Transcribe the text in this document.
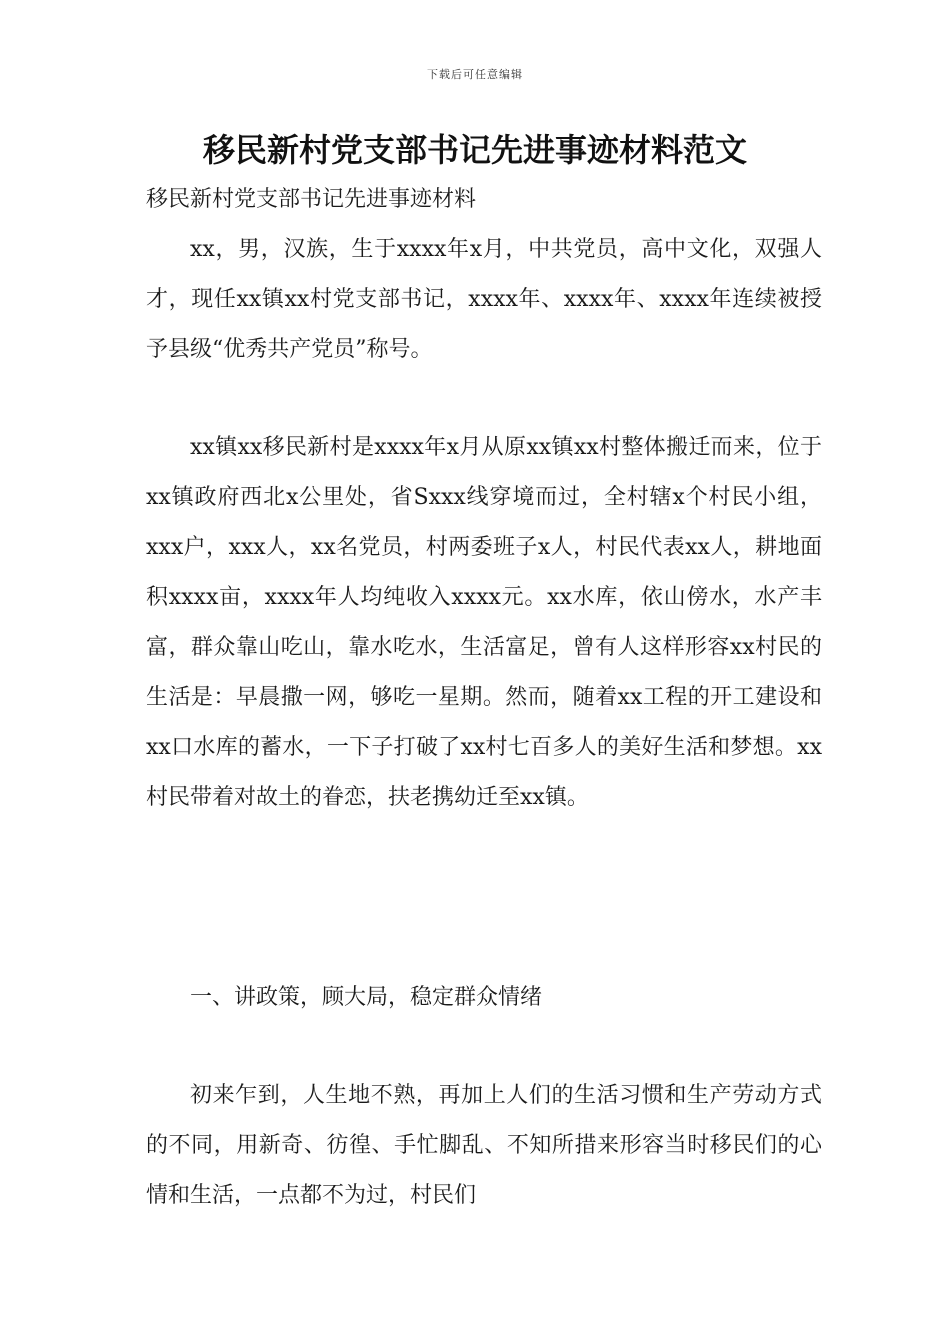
下载后可任意编辑
移民新村党支部书记先进事迹材料范文

移民新村党支部书记先进事迹材料

xx，男，汉族，生于xxxx年x月，中共党员，高中文化，双强人才，现任xx镇xx村党支部书记，xxxx年、xxxx年、xxxx年连续被授予县级“优秀共产党员”称号。

xx镇xx移民新村是xxxx年x月从原xx镇xx村整体搬迁而来，位于xx镇政府西北x公里处，省Sxxx线穿境而过，全村辖x个村民小组，xxx户，xxx人，xx名党员，村两委班子x人，村民代表xx人，耕地面积xxxx亩，xxxx年人均纯收入xxxx元。xx水库，依山傍水，水产丰富，群众靠山吃山，靠水吃水，生活富足，曾有人这样形容xx村民的生活是：早晨撒一网，够吃一星期。然而，随着xx工程的开工建设和xx口水库的蓄水，一下子打破了xx村七百多人的美好生活和梦想。xx村民带着对故土的眷恋，扶老携幼迁至xx镇。

一、讲政策，顾大局，稳定群众情绪

初来乍到，人生地不熟，再加上人们的生活习惯和生产劳动方式的不同，用新奇、彷徨、手忙脚乱、不知所措来形容当时移民们的心情和生活，一点都不为过，村民们
